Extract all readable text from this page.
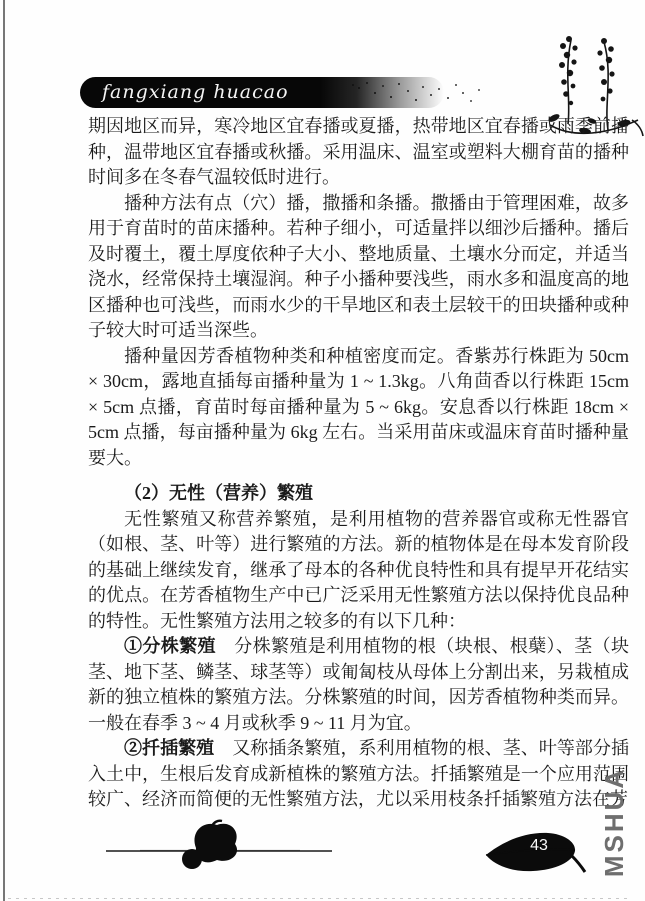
fangxiang huacao

期因地区而异，寒冷地区宜春播或夏播，热带地区宜春播或雨季前播种，温带地区宜春播或秋播。采用温床、温室或塑料大棚育苗的播种时间多在冬春气温较低时进行。

播种方法有点（穴）播，撒播和条播。撒播由于管理困难，故多用于育苗时的苗床播种。若种子细小，可适量拌以细沙后播种。播后及时覆土，覆土厚度依种子大小、整地质量、土壤水分而定，并适当浇水，经常保持土壤湿润。种子小播种要浅些，雨水多和温度高的地区播种也可浅些，而雨水少的干旱地区和表土层较干的田块播种或种子较大时可适当深些。

播种量因芳香植物种类和种植密度而定。香紫苏行株距为 50cm × 30cm，露地直插每亩播种量为 1 ~ 1.3kg。八角茴香以行株距 15cm × 5cm 点播，育苗时每亩播种量为 5 ~ 6kg。安息香以行株距 18cm × 5cm 点播，每亩播种量为 6kg 左右。当采用苗床或温床育苗时播种量要大。

（2）无性（营养）繁殖

无性繁殖又称营养繁殖，是利用植物的营养器官或称无性器官（如根、茎、叶等）进行繁殖的方法。新的植物体是在母本发育阶段的基础上继续发育，继承了母本的各种优良特性和具有提早开花结实的优点。在芳香植物生产中已广泛采用无性繁殖方法以保持优良品种的特性。无性繁殖方法用之较多的有以下几种：

①分株繁殖　分株繁殖是利用植物的根（块根、根蘖）、茎（块茎、地下茎、鳞茎、球茎等）或匍匐枝从母体上分割出来，另栽植成新的独立植株的繁殖方法。分株繁殖的时间，因芳香植物种类而异。一般在春季 3 ~ 4 月或秋季 9 ~ 11 月为宜。

②扦插繁殖　又称插条繁殖，系利用植物的根、茎、叶等部分插入土中，生根后发育成新植株的繁殖方法。扦插繁殖是一个应用范围较广、经济而简便的无性繁殖方法，尤以采用枝条扦插繁殖方法在芳

43	MSHUA
